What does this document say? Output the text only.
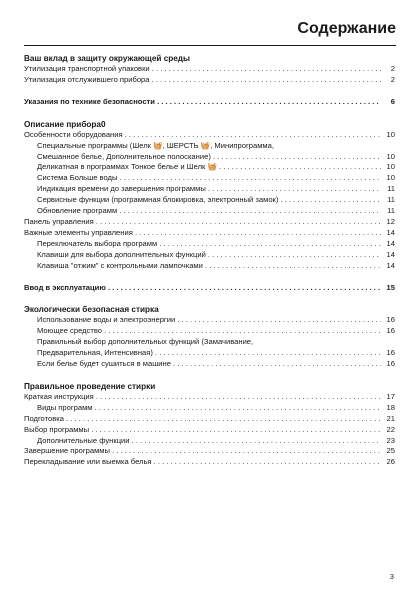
Содержание
Ваш вклад в защиту окружающей среды
Утилизация транспортной упаковки . . .	2
Утилизация отслужившего прибора . . .	2
Указания по технике безопасности . . .	6
Описание прибора0
Особенности оборудования . . .	10
Специальные программы (Шелк 🧺, ШЕРСТЬ 🧺, Минипрограмма,
Смешанное белье, Дополнительное полоскание) . . .	10
Деликатная в программах Тонкое белье и Шелк 🧺 . . .	10
Система Больше воды . . .	10
Индикация времени до завершения программы . . .	11
Сервисные функции (программная блокировка, электронный замок) . . .	11
Обновление программ . . .	11
Панель управления . . .	12
Важные элементы управления . . .	14
Переключатель выбора программ . . .	14
Клавиши для выбора дополнительных функций . . .	14
Клавиша "отжим" с контрольными лампочками . . .	14
Ввод в эксплуатацию . . .	15
Экологически безопасная стирка
Использование воды и электроэнергии . . .	16
Моющее средство . . .	16
Правильный выбор дополнительных функций (Замачивание,
Предварительная, Интенсивная) . . .	16
Если белье будет сушиться в машине . . .	16
Правильное проведение стирки
Краткая инструкция . . .	17
Виды программ . . .	18
Подготовка . . .	21
Выбор программы . . .	22
Дополнительные функции . . .	23
Завершение программы . . .	25
Перекладывание или выемка белья . . .	26
3
